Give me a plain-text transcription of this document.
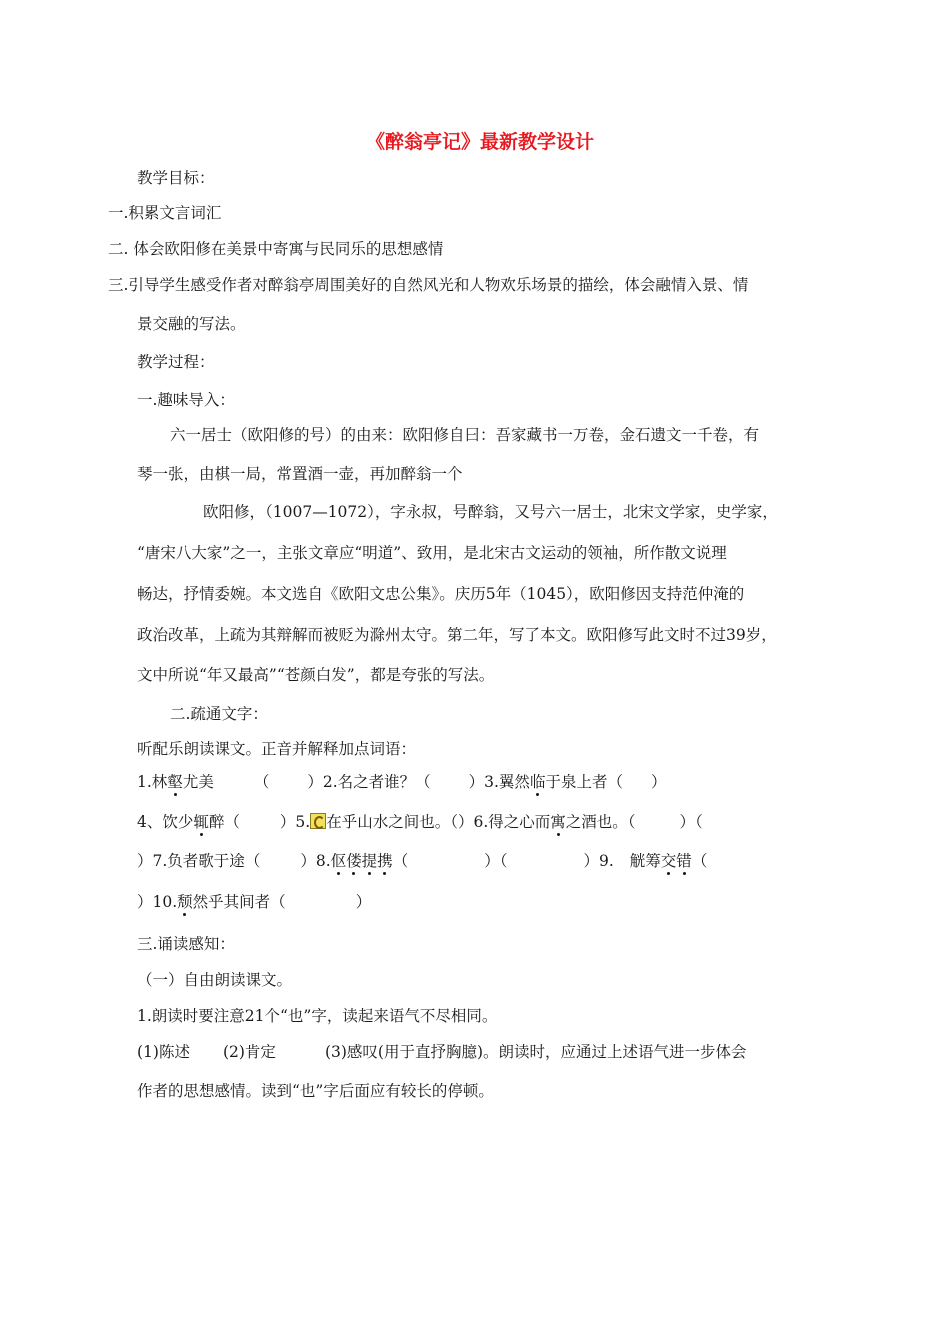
《醉翁亭记》最新教学设计
教学目标：
一.积累文言词汇
二. 体会欧阳修在美景中寄寓与民同乐的思想感情
三.引导学生感受作者对醉翁亭周围美好的自然风光和人物欢乐场景的描绘，体会融情入景、情
景交融的写法。
教学过程：
一.趣味导入：
六一居士（欧阳修的号）的由来：欧阳修自曰：吾家藏书一万卷，金石遗文一千卷，有
琴一张，由棋一局，常置酒一壶，再加醉翁一个
欧阳修，（1007—1072），字永叔，号醉翁，又号六一居士，北宋文学家，史学家，
“唐宋八大家”之一，主张文章应“明道”、致用，是北宋古文运动的领袖，所作散文说理
畅达，抒情委婉。本文选自《欧阳文忠公集》。庆历5年（1045），欧阳修因支持范仲淹的
政治改革，上疏为其辩解而被贬为滁州太守。第二年，写了本文。欧阳修写此文时不过39岁，
文中所说“年又最高”“苍颜白发”，都是夸张的写法。
二.疏通文字：
听配乐朗读课文。正音并解释加点词语：
1.林壑尤美	（ ）2.名之者谁？（ ）3.翼然临于泉上者（ ）
4、饮少辄醉（	）5. 在乎山水之间也。（）6.得之心而寓之酒也。（	）（
）7.负者歌于途（	）8.伛偻提携（	）（	）9. 觥筹交错（
）10.颓然乎其间者（	）
三.诵读感知：
（一）自由朗读课文。
1.朗读时要注意21个“也”字，读起来语气不尽相同。
(1)陈述 (2)肯定	(3)感叹(用于直抒胸臆)。朗读时，应通过上述语气进一步体会
作者的思想感情。读到“也”字后面应有较长的停顿。
